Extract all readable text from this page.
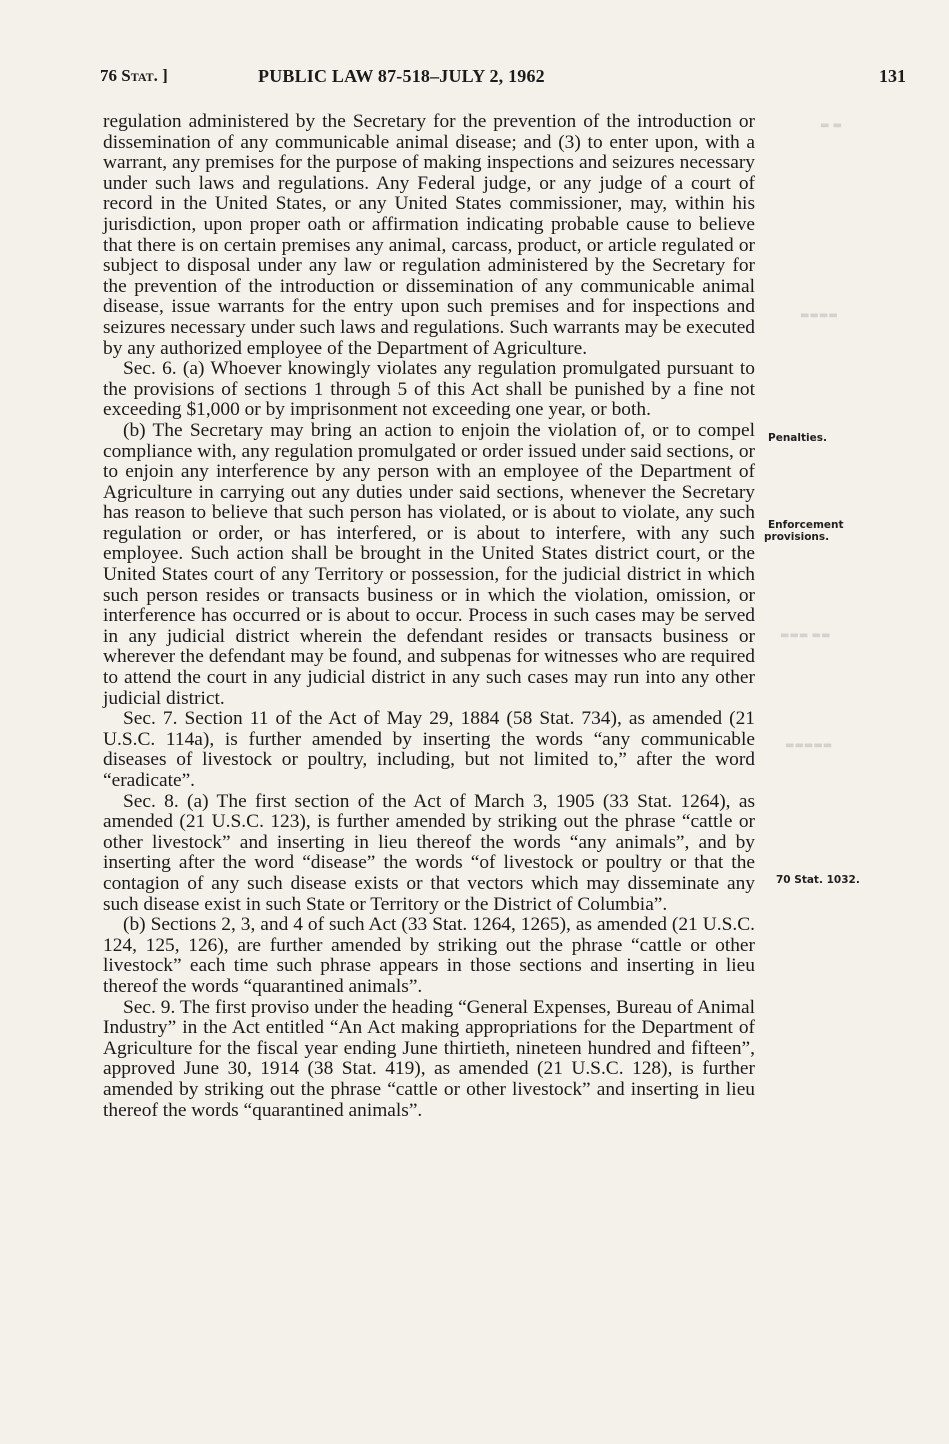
76 Stat. ]	PUBLIC LAW 87-518–JULY 2, 1962	131

regulation administered by the Secretary for the prevention of the introduction or dissemination of any communicable animal disease; and (3) to enter upon, with a warrant, any premises for the purpose of making inspections and seizures necessary under such laws and regulations. Any Federal judge, or any judge of a court of record in the United States, or any United States commissioner, may, within his jurisdiction, upon proper oath or affirmation indicating probable cause to believe that there is on certain premises any animal, carcass, product, or article regulated or subject to disposal under any law or regulation administered by the Secretary for the prevention of the introduction or dissemination of any communicable animal disease, issue warrants for the entry upon such premises and for inspections and seizures necessary under such laws and regulations. Such warrants may be executed by any authorized employee of the Department of Agriculture.

Sec. 6. (a) Whoever knowingly violates any regulation promulgated pursuant to the provisions of sections 1 through 5 of this Act shall be punished by a fine not exceeding $1,000 or by imprisonment not exceeding one year, or both.

(b) The Secretary may bring an action to enjoin the violation of, or to compel compliance with, any regulation promulgated or order issued under said sections, or to enjoin any interference by any person with an employee of the Department of Agriculture in carrying out any duties under said sections, whenever the Secretary has reason to believe that such person has violated, or is about to violate, any such regulation or order, or has interfered, or is about to interfere, with any such employee. Such action shall be brought in the United States district court, or the United States court of any Territory or possession, for the judicial district in which such person resides or transacts business or in which the violation, omission, or interference has occurred or is about to occur. Process in such cases may be served in any judicial district wherein the defendant resides or transacts business or wherever the defendant may be found, and subpenas for witnesses who are required to attend the court in any judicial district in any such cases may run into any other judicial district.

Sec. 7. Section 11 of the Act of May 29, 1884 (58 Stat. 734), as amended (21 U.S.C. 114a), is further amended by inserting the words “any communicable diseases of livestock or poultry, including, but not limited to,” after the word “eradicate”.

Sec. 8. (a) The first section of the Act of March 3, 1905 (33 Stat. 1264), as amended (21 U.S.C. 123), is further amended by striking out the phrase “cattle or other livestock” and inserting in lieu thereof the words “any animals”, and by inserting after the word “disease” the words “of livestock or poultry or that the contagion of any such disease exists or that vectors which may disseminate any such disease exist in such State or Territory or the District of Columbia”.

(b) Sections 2, 3, and 4 of such Act (33 Stat. 1264, 1265), as amended (21 U.S.C. 124, 125, 126), are further amended by striking out the phrase “cattle or other livestock” each time such phrase appears in those sections and inserting in lieu thereof the words “quarantined animals”.

Sec. 9. The first proviso under the heading “General Expenses, Bureau of Animal Industry” in the Act entitled “An Act making appropriations for the Department of Agriculture for the fiscal year ending June thirtieth, nineteen hundred and fifteen”, approved June 30, 1914 (38 Stat. 419), as amended (21 U.S.C. 128), is further amended by striking out the phrase “cattle or other livestock” and inserting in lieu thereof the words “quarantined animals”.

Penalties.
Enforcement
provisions.
70 Stat. 1032.
▬ ▬
▬▬▬▬
▬▬▬ ▬▬
▬▬▬▬▬
